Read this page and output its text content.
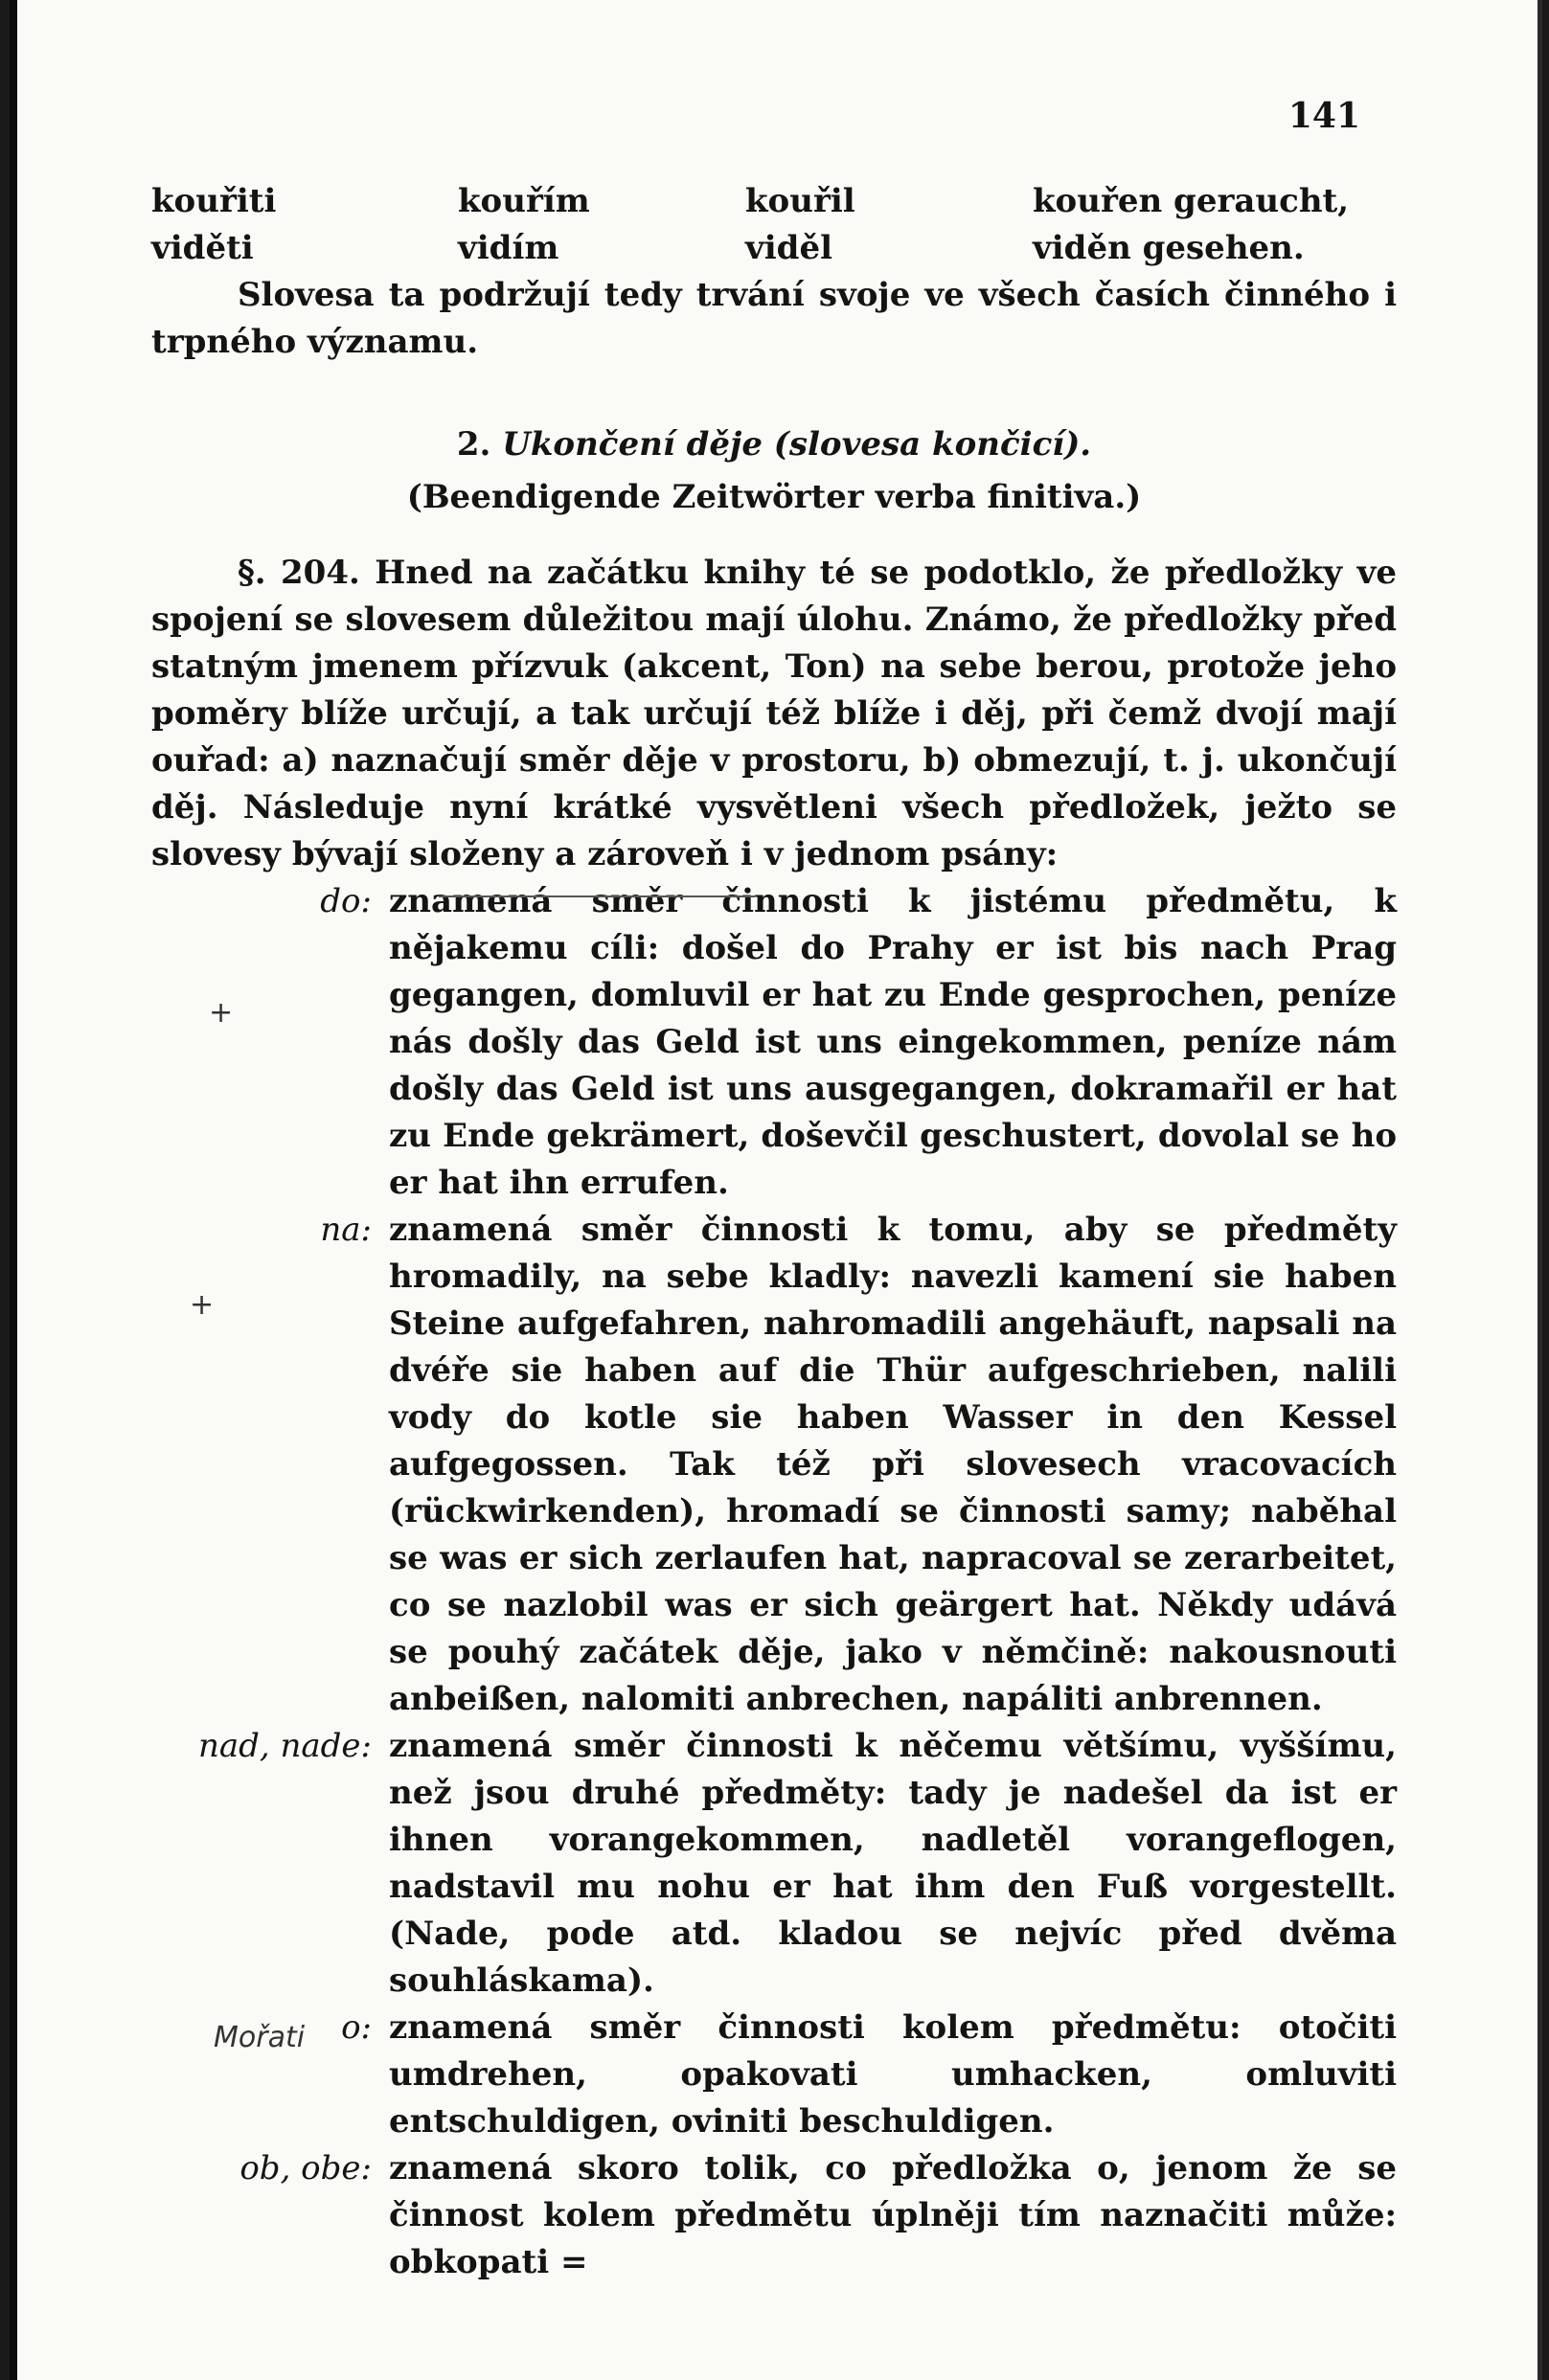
141
kouřiti	kouřím	kouřil	kouřen geraucht,
viděti	vidím	viděl	viděn gesehen.
Slovesa ta podržují tedy trvání svoje ve všech časích činného i trpného významu.
2. Ukončení děje (slovesa končicí).
(Beendigende Zeitwörter verba finitiva.)
§. 204. Hned na začátku knihy té se podotklo, že předložky ve spojení se slovesem důležitou mají úlohu. Známo, že předložky před statným jmenem přízvuk (akcent, Ton) na sebe berou, protože jeho poměry blíže určují, a tak určují též blíže i děj, při čemž dvojí mají ouřad: a) naznačují směr děje v prostoru, b) obmezují, t. j. ukončují děj. Následuje nyní krátké vysvětleni všech předložek, ježto se slovesy bývají složeny a zároveň i v jednom psány:
do: znamená směr činnosti k jistému předmětu, k nějakemu cíli: došel do Prahy er ist bis nach Prag gegangen, domluvil er hat zu Ende gesprochen, peníze nás došly das Geld ist uns eingekommen, peníze nám došly das Geld ist uns ausgegangen, dokramařil er hat zu Ende gekrämert, doševčil geschustert, dovolal se ho er hat ihn errufen.
na: znamená směr činnosti k tomu, aby se předměty hromadily, na sebe kladly: navezli kamení sie haben Steine aufgefahren, nahromadili angehäuft, napsali na dvéře sie haben auf die Thür aufgeschrieben, nalili vody do kotle sie haben Wasser in den Kessel aufgegossen. Tak též při slovesech vracovacích (rückwirkenden), hromadí se činnosti samy; naběhal se was er sich zerlaufen hat, napracoval se zerarbeitet, co se nazlobil was er sich geärgert hat. Někdy udává se pouhý začátek děje, jako v němčině: nakousnouti anbeißen, nalomiti anbrechen, napáliti anbrennen.
nad, nade: znamená směr činnosti k něčemu většímu, vyššímu, než jsou druhé předměty: tady je nadešel da ist er ihnen vorangekommen, nadletěl vorangeflogen, nadstavil mu nohu er hat ihm den Fuß vorgestellt. (Nade, pode atd. kladou se nejvíc před dvěma souhláskama).
o: znamená směr činnosti kolem předmětu: otočiti umdrehen, opakovati umhacken, omluviti entschuldigen, oviniti beschuldigen.
ob, obe: znamená skoro tolik, co předložka o, jenom že se činnost kolem předmětu úplněji tím naznačiti může: obkopati =
+
+
Mořati
